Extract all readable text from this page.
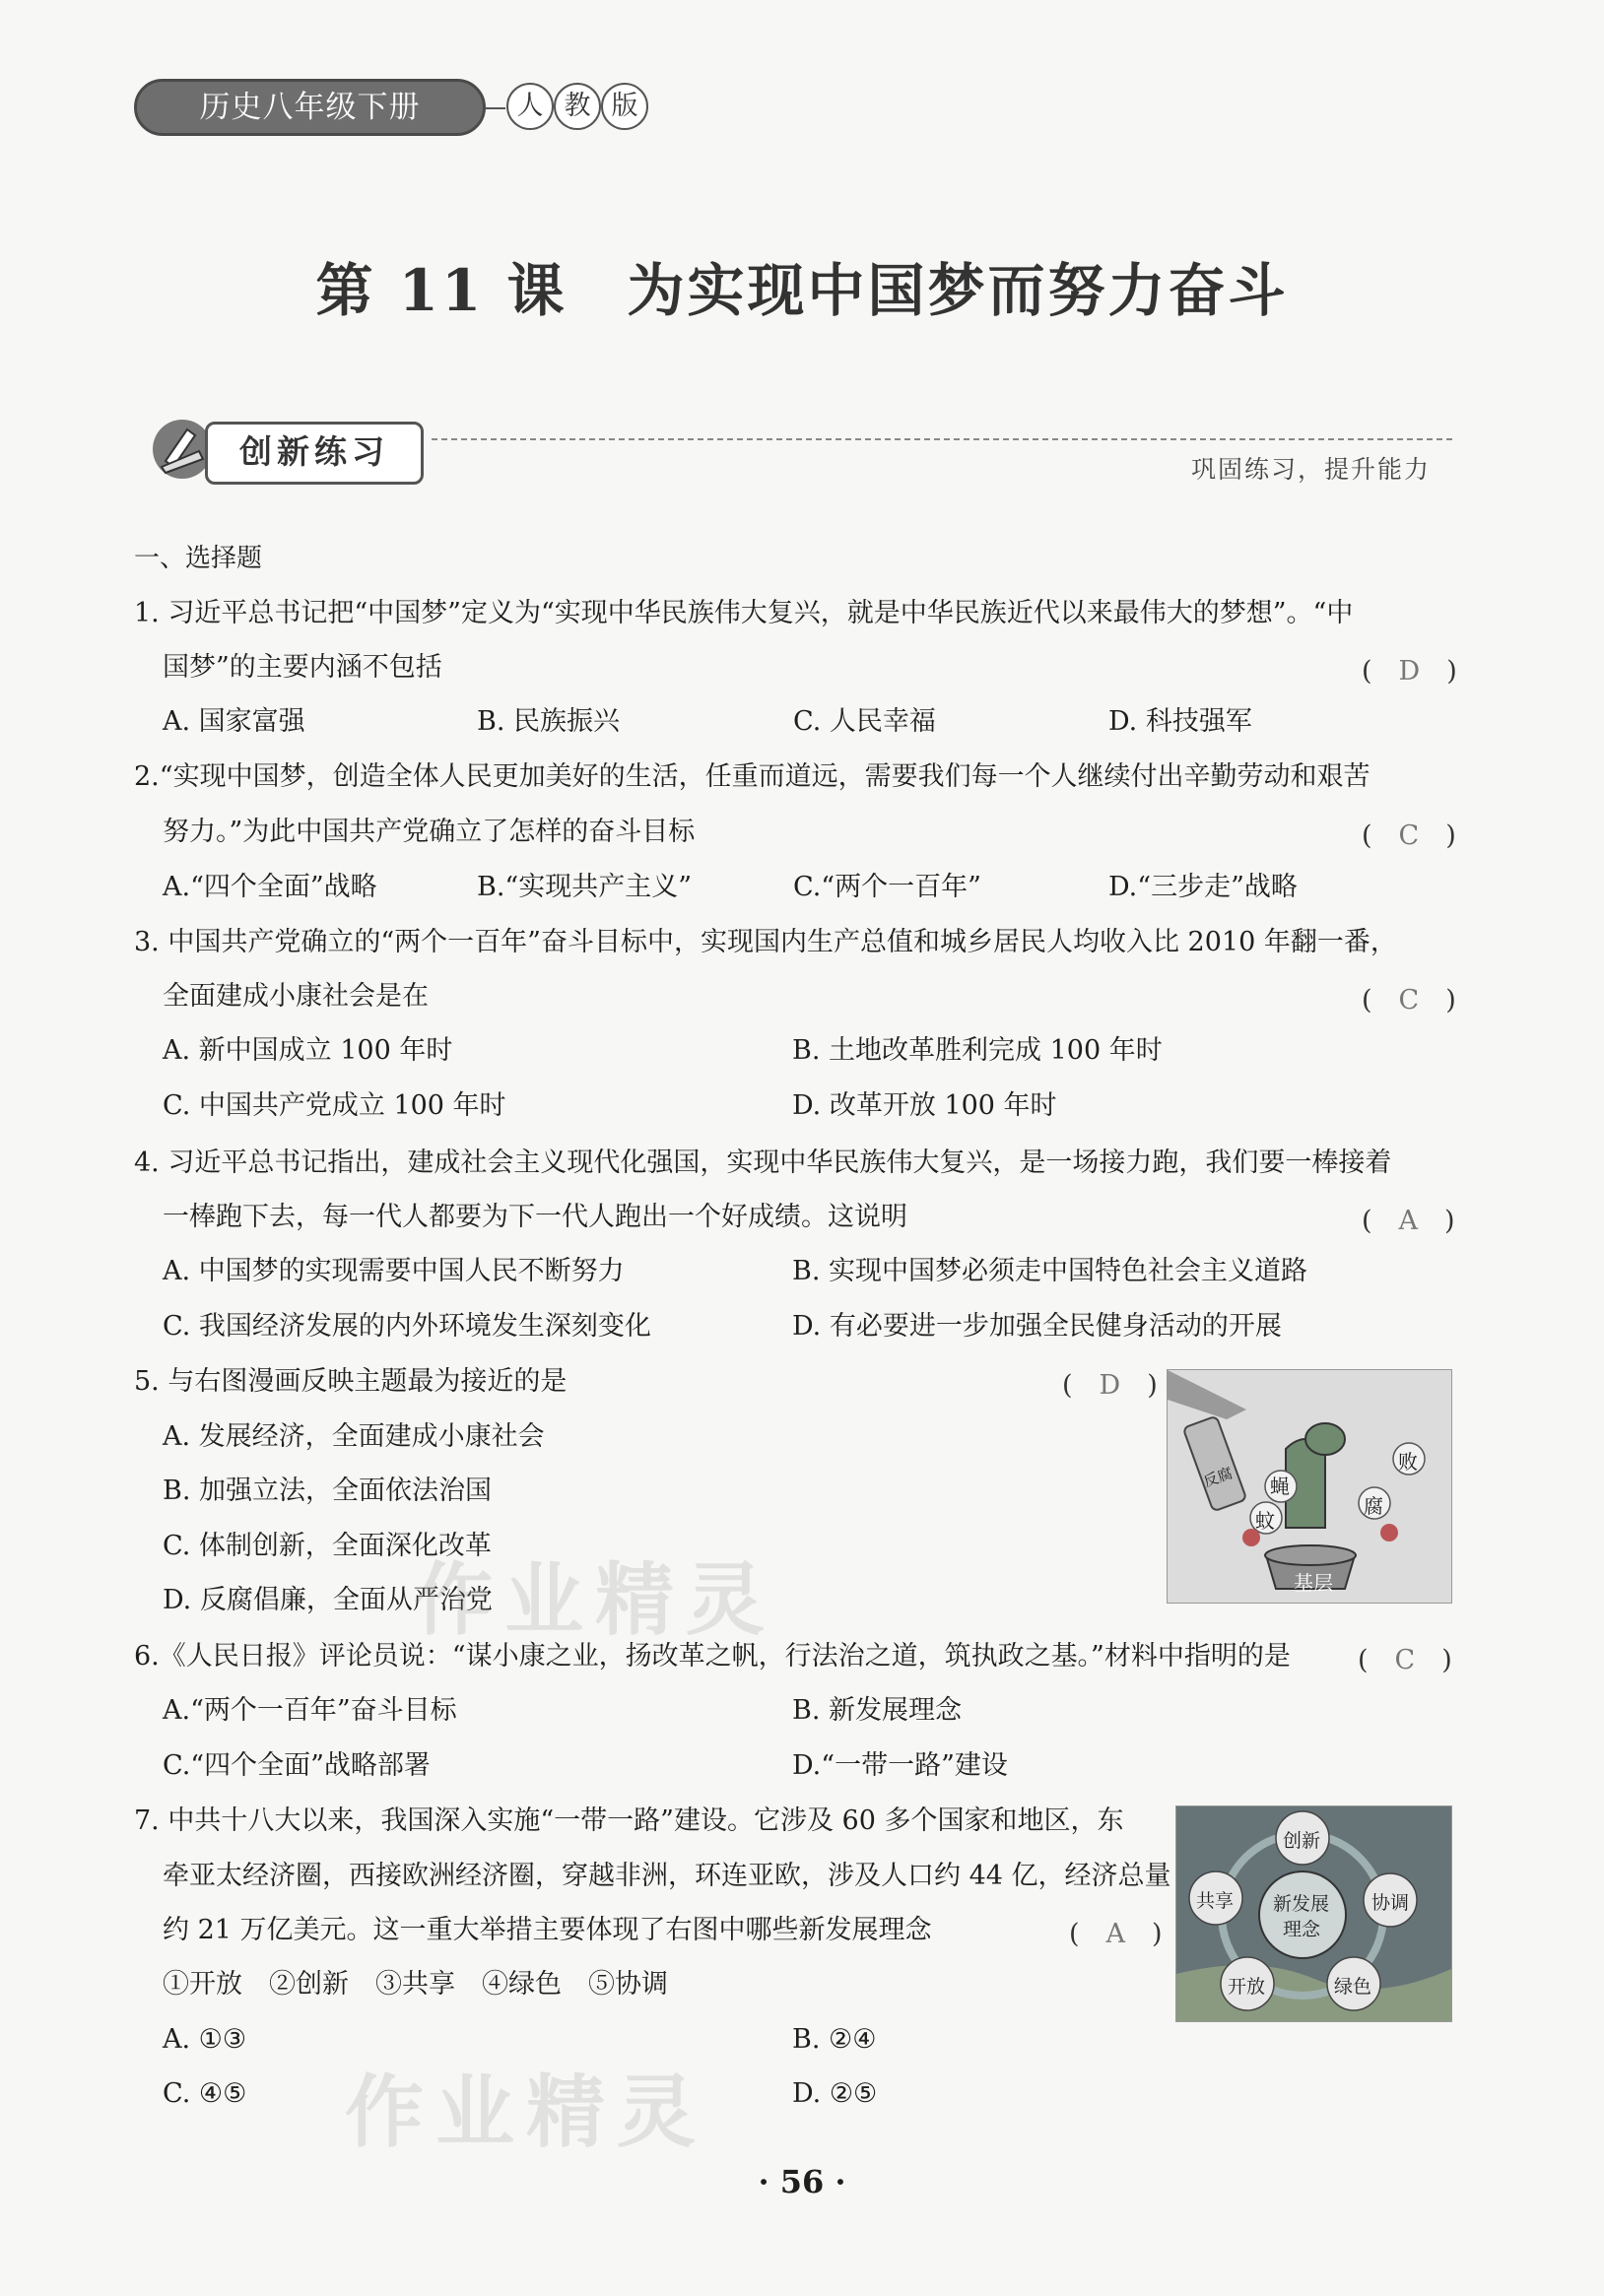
历史八年级下册	人 教 版
第 11 课　为实现中国梦而努力奋斗
创新练习	巩固练习，提升能力
一、选择题
1. 习近平总书记把“中国梦”定义为“实现中华民族伟大复兴，就是中华民族近代以来最伟大的梦想”。“中
国梦”的主要内涵不包括	(　D　)
A. 国家富强	B. 民族振兴	C. 人民幸福	D. 科技强军
2.“实现中国梦，创造全体人民更加美好的生活，任重而道远，需要我们每一个人继续付出辛勤劳动和艰苦
努力。”为此中国共产党确立了怎样的奋斗目标	(　C　)
A.“四个全面”战略	B.“实现共产主义”	C.“两个一百年”	D.“三步走”战略
3. 中国共产党确立的“两个一百年”奋斗目标中，实现国内生产总值和城乡居民人均收入比 2010 年翻一番，
全面建成小康社会是在	(　C　)
A. 新中国成立 100 年时	B. 土地改革胜利完成 100 年时
C. 中国共产党成立 100 年时	D. 改革开放 100 年时
4. 习近平总书记指出，建成社会主义现代化强国，实现中华民族伟大复兴，是一场接力跑，我们要一棒接着
一棒跑下去，每一代人都要为下一代人跑出一个好成绩。这说明	(　A　)
A. 中国梦的实现需要中国人民不断努力	B. 实现中国梦必须走中国特色社会主义道路
C. 我国经济发展的内外环境发生深刻变化	D. 有必要进一步加强全民健身活动的开展
5. 与右图漫画反映主题最为接近的是	(　D　)
A. 发展经济，全面建成小康社会
B. 加强立法，全面依法治国
C. 体制创新，全面深化改革
D. 反腐倡廉，全面从严治党
蝇
败
蚊
腐
反腐
基层
6.《人民日报》评论员说：“谋小康之业，扬改革之帆，行法治之道，筑执政之基。”材料中指明的是	(　C　)
A.“两个一百年”奋斗目标	B. 新发展理念
C.“四个全面”战略部署	D.“一带一路”建设
7. 中共十八大以来，我国深入实施“一带一路”建设。它涉及 60 多个国家和地区，东
牵亚太经济圈，西接欧洲经济圈，穿越非洲，环连亚欧，涉及人口约 44 亿，经济总量
约 21 万亿美元。这一重大举措主要体现了右图中哪些新发展理念	(　A　)
①开放　②创新　③共享　④绿色　⑤协调
A. ①③	B. ②④
C. ④⑤	D. ②⑤
创新
协调
绿色
开放
共享 新发展
理念
作业精灵
作业精灵
· 56 ·
